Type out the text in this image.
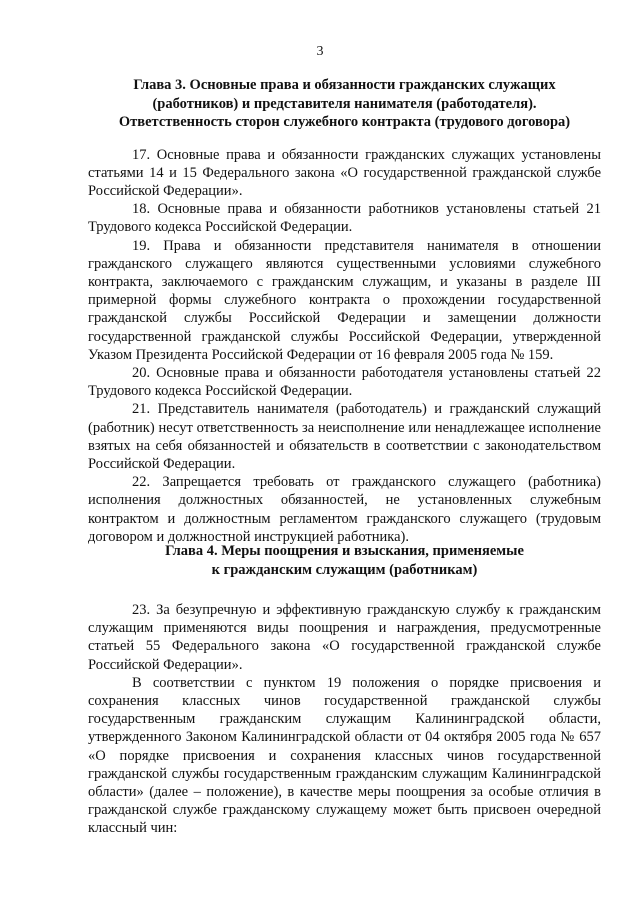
3
Глава 3. Основные права и обязанности гражданских служащих
(работников) и представителя нанимателя (работодателя).
Ответственность сторон служебного контракта (трудового договора)

17. Основные права и обязанности гражданских служащих установлены статьями 14 и 15 Федерального закона «О государственной гражданской службе Российской Федерации».

18. Основные права и обязанности работников установлены статьей 21 Трудового кодекса Российской Федерации.

19. Права и обязанности представителя нанимателя в отношении гражданского служащего являются существенными условиями служебного контракта, заключаемого с гражданским служащим, и указаны в разделе III примерной формы служебного контракта о прохождении государственной гражданской службы Российской Федерации и замещении должности государственной гражданской службы Российской Федерации, утвержденной Указом Президента Российской Федерации от 16 февраля 2005 года № 159.

20. Основные права и обязанности работодателя установлены статьей 22 Трудового кодекса Российской Федерации.

21. Представитель нанимателя (работодатель) и гражданский служащий (работник) несут ответственность за неисполнение или ненадлежащее исполнение взятых на себя обязанностей и обязательств в соответствии с законодательством Российской Федерации.

22. Запрещается требовать от гражданского служащего (работника) исполнения должностных обязанностей, не установленных служебным контрактом и должностным регламентом гражданского служащего (трудовым договором и должностной инструкцией работника).

Глава 4. Меры поощрения и взыскания, применяемые
к гражданским служащим (работникам)

23. За безупречную и эффективную гражданскую службу к гражданским служащим применяются виды поощрения и награждения, предусмотренные статьей 55 Федерального закона «О государственной гражданской службе Российской Федерации».

В соответствии с пунктом 19 положения о порядке присвоения и сохранения классных чинов государственной гражданской службы государственным гражданским служащим Калининградской области, утвержденного Законом Калининградской области от 04 октября 2005 года № 657 «О порядке присвоения и сохранения классных чинов государственной гражданской службы государственным гражданским служащим Калининградской области» (далее – положение), в качестве меры поощрения за особые отличия в гражданской службе гражданскому служащему может быть присвоен очередной классный чин:
